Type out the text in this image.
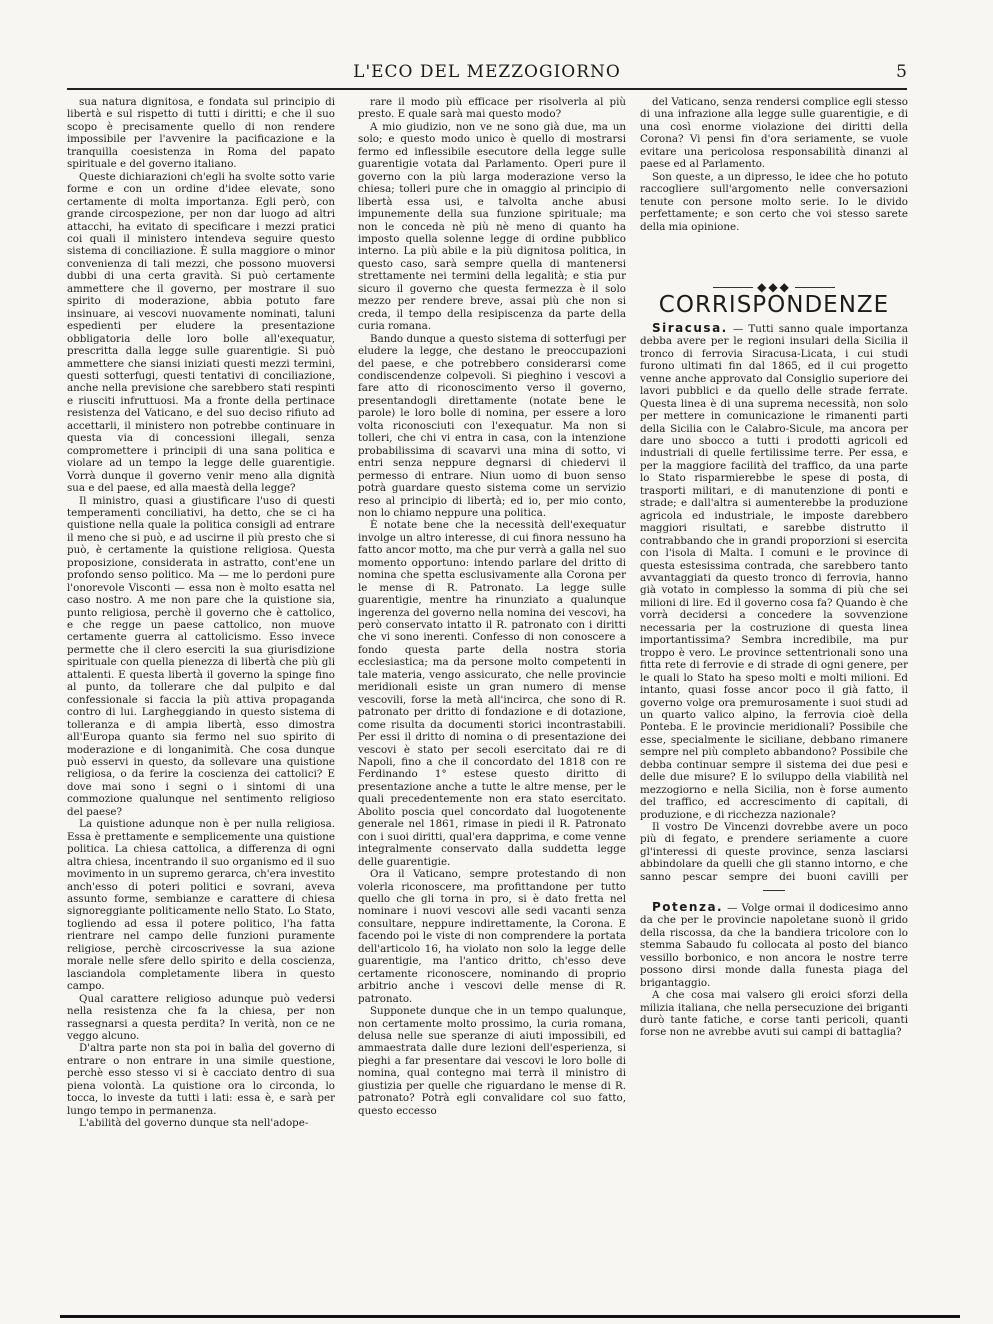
L'ECO DEL MEZZOGIORNO	5

sua natura dignitosa, e fondata sul principio di libertà e sul rispetto di tutti i diritti; e che il suo scopo è precisamente quello di non rendere impossibile per l'avvenire la pacificazione e la tranquilla coesistenza in Roma del papato spirituale e del governo italiano.

Queste dichiarazioni ch'egli ha svolte sotto varie forme e con un ordine d'idee elevate, sono certamente di molta importanza. Egli però, con grande circospezione, per non dar luogo ad altri attacchi, ha evitato di specificare i mezzi pratici coi quali il ministero intendeva seguire questo sistema di conciliazione. È sulla maggiore o minor convenienza di tali mezzi, che possono muoversi dubbi di una certa gravità. Si può certamente ammettere che il governo, per mostrare il suo spirito di moderazione, abbia potuto fare insinuare, ai vescovi nuovamente nominati, taluni espedienti per eludere la presentazione obbligatoria delle loro bolle all'exequatur, prescritta dalla legge sulle guarentigie. Si può ammettere che siansi iniziati questi mezzi termini, questi sotterfugi, questi tentativi di conciliazione, anche nella previsione che sarebbero stati respinti e riusciti infruttuosi. Ma a fronte della pertinace resistenza del Vaticano, e del suo deciso rifiuto ad accettarli, il ministero non potrebbe continuare in questa via di concessioni illegali, senza compromettere i principii di una sana politica e violare ad un tempo la legge delle guarentigie. Vorrà dunque il governo venir meno alla dignità sua e del paese, ed alla maestà della legge?

Il ministro, quasi a giustificare l'uso di questi temperamenti conciliativi, ha detto, che se ci ha quistione nella quale la politica consigli ad entrare il meno che si può, e ad uscirne il più presto che si può, è certamente la quistione religiosa. Questa proposizione, considerata in astratto, cont'ene un profondo senso politico. Ma — me lo perdoni pure l'onorevole Visconti — essa non è molto esatta nel caso nostro. A me non pare che la quistione sia, punto religiosa, perchè il governo che è cattolico, e che regge un paese cattolico, non muove certamente guerra al cattolicismo. Esso invece permette che il clero eserciti la sua giurisdizione spirituale con quella pienezza di libertà che più gli attalenti. E questa libertà il governo la spinge fino al punto, da tollerare che dal pulpito e dal confessionale si faccia la più attiva propaganda contro di lui. Largheggiando in questo sistema di tolleranza e di ampia libertà, esso dimostra all'Europa quanto sia fermo nel suo spirito di moderazione e di longanimità. Che cosa dunque può esservi in questo, da sollevare una quistione religiosa, o da ferire la coscienza dei cattolici? E dove mai sono i segni o i sintomi di una commozione qualunque nel sentimento religioso del paese?

La quistione adunque non è per nulla religiosa. Essa è prettamente e semplicemente una quistione politica. La chiesa cattolica, a differenza di ogni altra chiesa, incentrando il suo organismo ed il suo movimento in un supremo gerarca, ch'era investito anch'esso di poteri politici e sovrani, aveva assunto forme, sembianze e carattere di chiesa signoreggiante politicamente nello Stato. Lo Stato, togliendo ad essa il potere politico, l'ha fatta rientrare nel campo delle funzioni puramente religiose, perchè circoscrivesse la sua azione morale nelle sfere dello spirito e della coscienza, lasciandola completamente libera in questo campo.

Qual carattere religioso adunque può vedersi nella resistenza che fa la chiesa, per non rassegnarsi a questa perdita? In verità, non ce ne veggo alcuno.

D'altra parte non sta poi in balìa del governo di entrare o non entrare in una simile questione, perchè esso stesso vi si è cacciato dentro di sua piena volontà. La quistione ora lo circonda, lo tocca, lo investe da tutti i lati: essa è, e sarà per lungo tempo in permanenza.

L'abilità del governo dunque sta nell'adope-

rare il modo più efficace per risolverla al più presto. E quale sarà mai questo modo?

A mio giudizio, non ve ne sono già due, ma un solo; e questo modo unico è quello di mostrarsi fermo ed inflessibile esecutore della legge sulle guarentigie votata dal Parlamento. Operi pure il governo con la più larga moderazione verso la chiesa; tolleri pure che in omaggio al principio di libertà essa usi, e talvolta anche abusi impunemente della sua funzione spirituale; ma non le conceda nè più nè meno di quanto ha imposto quella solenne legge di ordine pubblico interno. La più abile e la più dignitosa politica, in questo caso, sarà sempre quella di mantenersi strettamente nei termini della legalità; e stia pur sicuro il governo che questa fermezza è il solo mezzo per rendere breve, assai più che non si creda, il tempo della resipiscenza da parte della curia romana.

Bando dunque a questo sistema di sotterfugi per eludere la legge, che destano le preoccupazioni del paese, e che potrebbero considerarsi come condiscendenze colpevoli. Si pieghino i vescovi a fare atto di riconoscimento verso il governo, presentandogli direttamente (notate bene le parole) le loro bolle di nomina, per essere a loro volta riconosciuti con l'exequatur. Ma non si tolleri, che chi vi entra in casa, con la intenzione probabilissima di scavarvi una mina di sotto, vi entri senza neppure degnarsi di chiedervi il permesso di entrare. Niun uomo di buon senso potrà guardare questo sistema come un servizio reso al principio di libertà; ed io, per mio conto, non lo chiamo neppure una politica.

È notate bene che la necessità dell'exequatur involge un altro interesse, di cui finora nessuno ha fatto ancor motto, ma che pur verrà a galla nel suo momento opportuno: intendo parlare del dritto di nomina che spetta esclusivamente alla Corona per le mense di R. Patronato. La legge sulle guarentigie, mentre ha rinunziato a qualunque ingerenza del governo nella nomina dei vescovi, ha però conservato intatto il R. patronato con i diritti che vi sono inerenti. Confesso di non conoscere a fondo questa parte della nostra storia ecclesiastica; ma da persone molto competenti in tale materia, vengo assicurato, che nelle provincie meridionali esiste un gran numero di mense vescovili, forse la metà all'incirca, che sono di R. patronato per dritto di fondazione e di dotazione, come risulta da documenti storici incontrastabili. Per essi il dritto di nomina o di presentazione dei vescovi è stato per secoli esercitato dai re di Napoli, fino a che il concordato del 1818 con re Ferdinando 1° estese questo diritto di presentazione anche a tutte le altre mense, per le quali precedentemente non era stato esercitato. Abolito poscia quel concordato dal luogotenente generale nel 1861, rimase in piedi il R. Patronato con i suoi diritti, qual'era dapprima, e come venne integralmente conservato dalla suddetta legge delle guarentigie.

Ora il Vaticano, sempre protestando di non volerla riconoscere, ma profittandone per tutto quello che gli torna in pro, si è dato fretta nel nominare i nuovi vescovi alle sedi vacanti senza consultare, neppure indirettamente, la Corona. E facendo poi le viste di non comprendere la portata dell'articolo 16, ha violato non solo la legge delle guarentigie, ma l'antico dritto, ch'esso deve certamente riconoscere, nominando di proprio arbitrio anche i vescovi delle mense di R. patronato.

Supponete dunque che in un tempo qualunque, non certamente molto prossimo, la curia romana, delusa nelle sue speranze di aiuti impossibili, ed ammaestrata dalle dure lezioni dell'esperienza, si pieghi a far presentare dai vescovi le loro bolle di nomina, qual contegno mai terrà il ministro di giustizia per quelle che riguardano le mense di R. patronato? Potrà egli convalidare col suo fatto, questo eccesso

del Vaticano, senza rendersi complice egli stesso di una infrazione alla legge sulle guarentigie, e di una così enorme violazione dei diritti della Corona? Vi pensi fin d'ora seriamente, se vuole evitare una pericolosa responsabilità dinanzi al paese ed al Parlamento.

Son queste, a un dipresso, le idee che ho potuto raccogliere sull'argomento nelle conversazioni tenute con persone molto serie. Io le divido perfettamente; e son certo che voi stesso sarete della mia opinione.

◆◆◆
CORRISPONDENZE

Siracusa. — Tutti sanno quale importanza debba avere per le regioni insulari della Sicilia il tronco di ferrovia Siracusa-Licata, i cui studi furono ultimati fin dal 1865, ed il cui progetto venne anche approvato dal Consiglio superiore dei lavori pubblici e da quello delle strade ferrate. Questa linea è di una suprema necessità, non solo per mettere in comunicazione le rimanenti parti della Sicilia con le Calabro-Sicule, ma ancora per dare uno sbocco a tutti i prodotti agricoli ed industriali di quelle fertilissime terre. Per essa, e per la maggiore facilità del traffico, da una parte lo Stato risparmierebbe le spese di posta, di trasporti militari, e di manutenzione di ponti e strade; e dall'altra si aumenterebbe la produzione agricola ed industriale, le imposte darebbero maggiori risultati, e sarebbe distrutto il contrabbando che in grandi proporzioni si esercita con l'isola di Malta. I comuni e le province di questa estesissima contrada, che sarebbero tanto avvantaggiati da questo tronco di ferrovia, hanno già votato in complesso la somma di più che sei milioni di lire. Ed il governo cosa fa? Quando è che vorrà decidersi a concedere la sovvenzione necessaria per la costruzione di questa linea importantissima? Sembra incredibile, ma pur troppo è vero. Le province settentrionali sono una fitta rete di ferrovie e di strade di ogni genere, per le quali lo Stato ha speso molti e molti milioni. Ed intanto, quasi fosse ancor poco il già fatto, il governo volge ora premurosamente i suoi studi ad un quarto valico alpino, la ferrovia cioè della Ponteba. E le provincie meridionali? Possibile che esse, specialmente le siciliane, debbano rimanere sempre nel più completo abbandono? Possibile che debba continuar sempre il sistema dei due pesi e delle due misure? E lo sviluppo della viabilità nel mezzogiorno e nella Sicilia, non è forse aumento del traffico, ed accrescimento di capitali, di produzione, e di ricchezza nazionale?

Il vostro De Vincenzi dovrebbe avere un poco più di fegato, e prendere seriamente a cuore gl'interessi di queste province, senza lasciarsi abbindolare da quelli che gli stanno intorno, e che sanno pescar sempre dei buoni cavilli per

Potenza. — Volge ormai il dodicesimo anno da che per le provincie napoletane suonò il grido della riscossa, da che la bandiera tricolore con lo stemma Sabaudo fu collocata al posto del bianco vessillo borbonico, e non ancora le nostre terre possono dirsi monde dalla funesta piaga del brigantaggio.

A che cosa mai valsero gli eroici sforzi della milizia italiana, che nella persecuzione dei briganti durò tante fatiche, e corse tanti pericoli, quanti forse non ne avrebbe avuti sui campi di battaglia?
